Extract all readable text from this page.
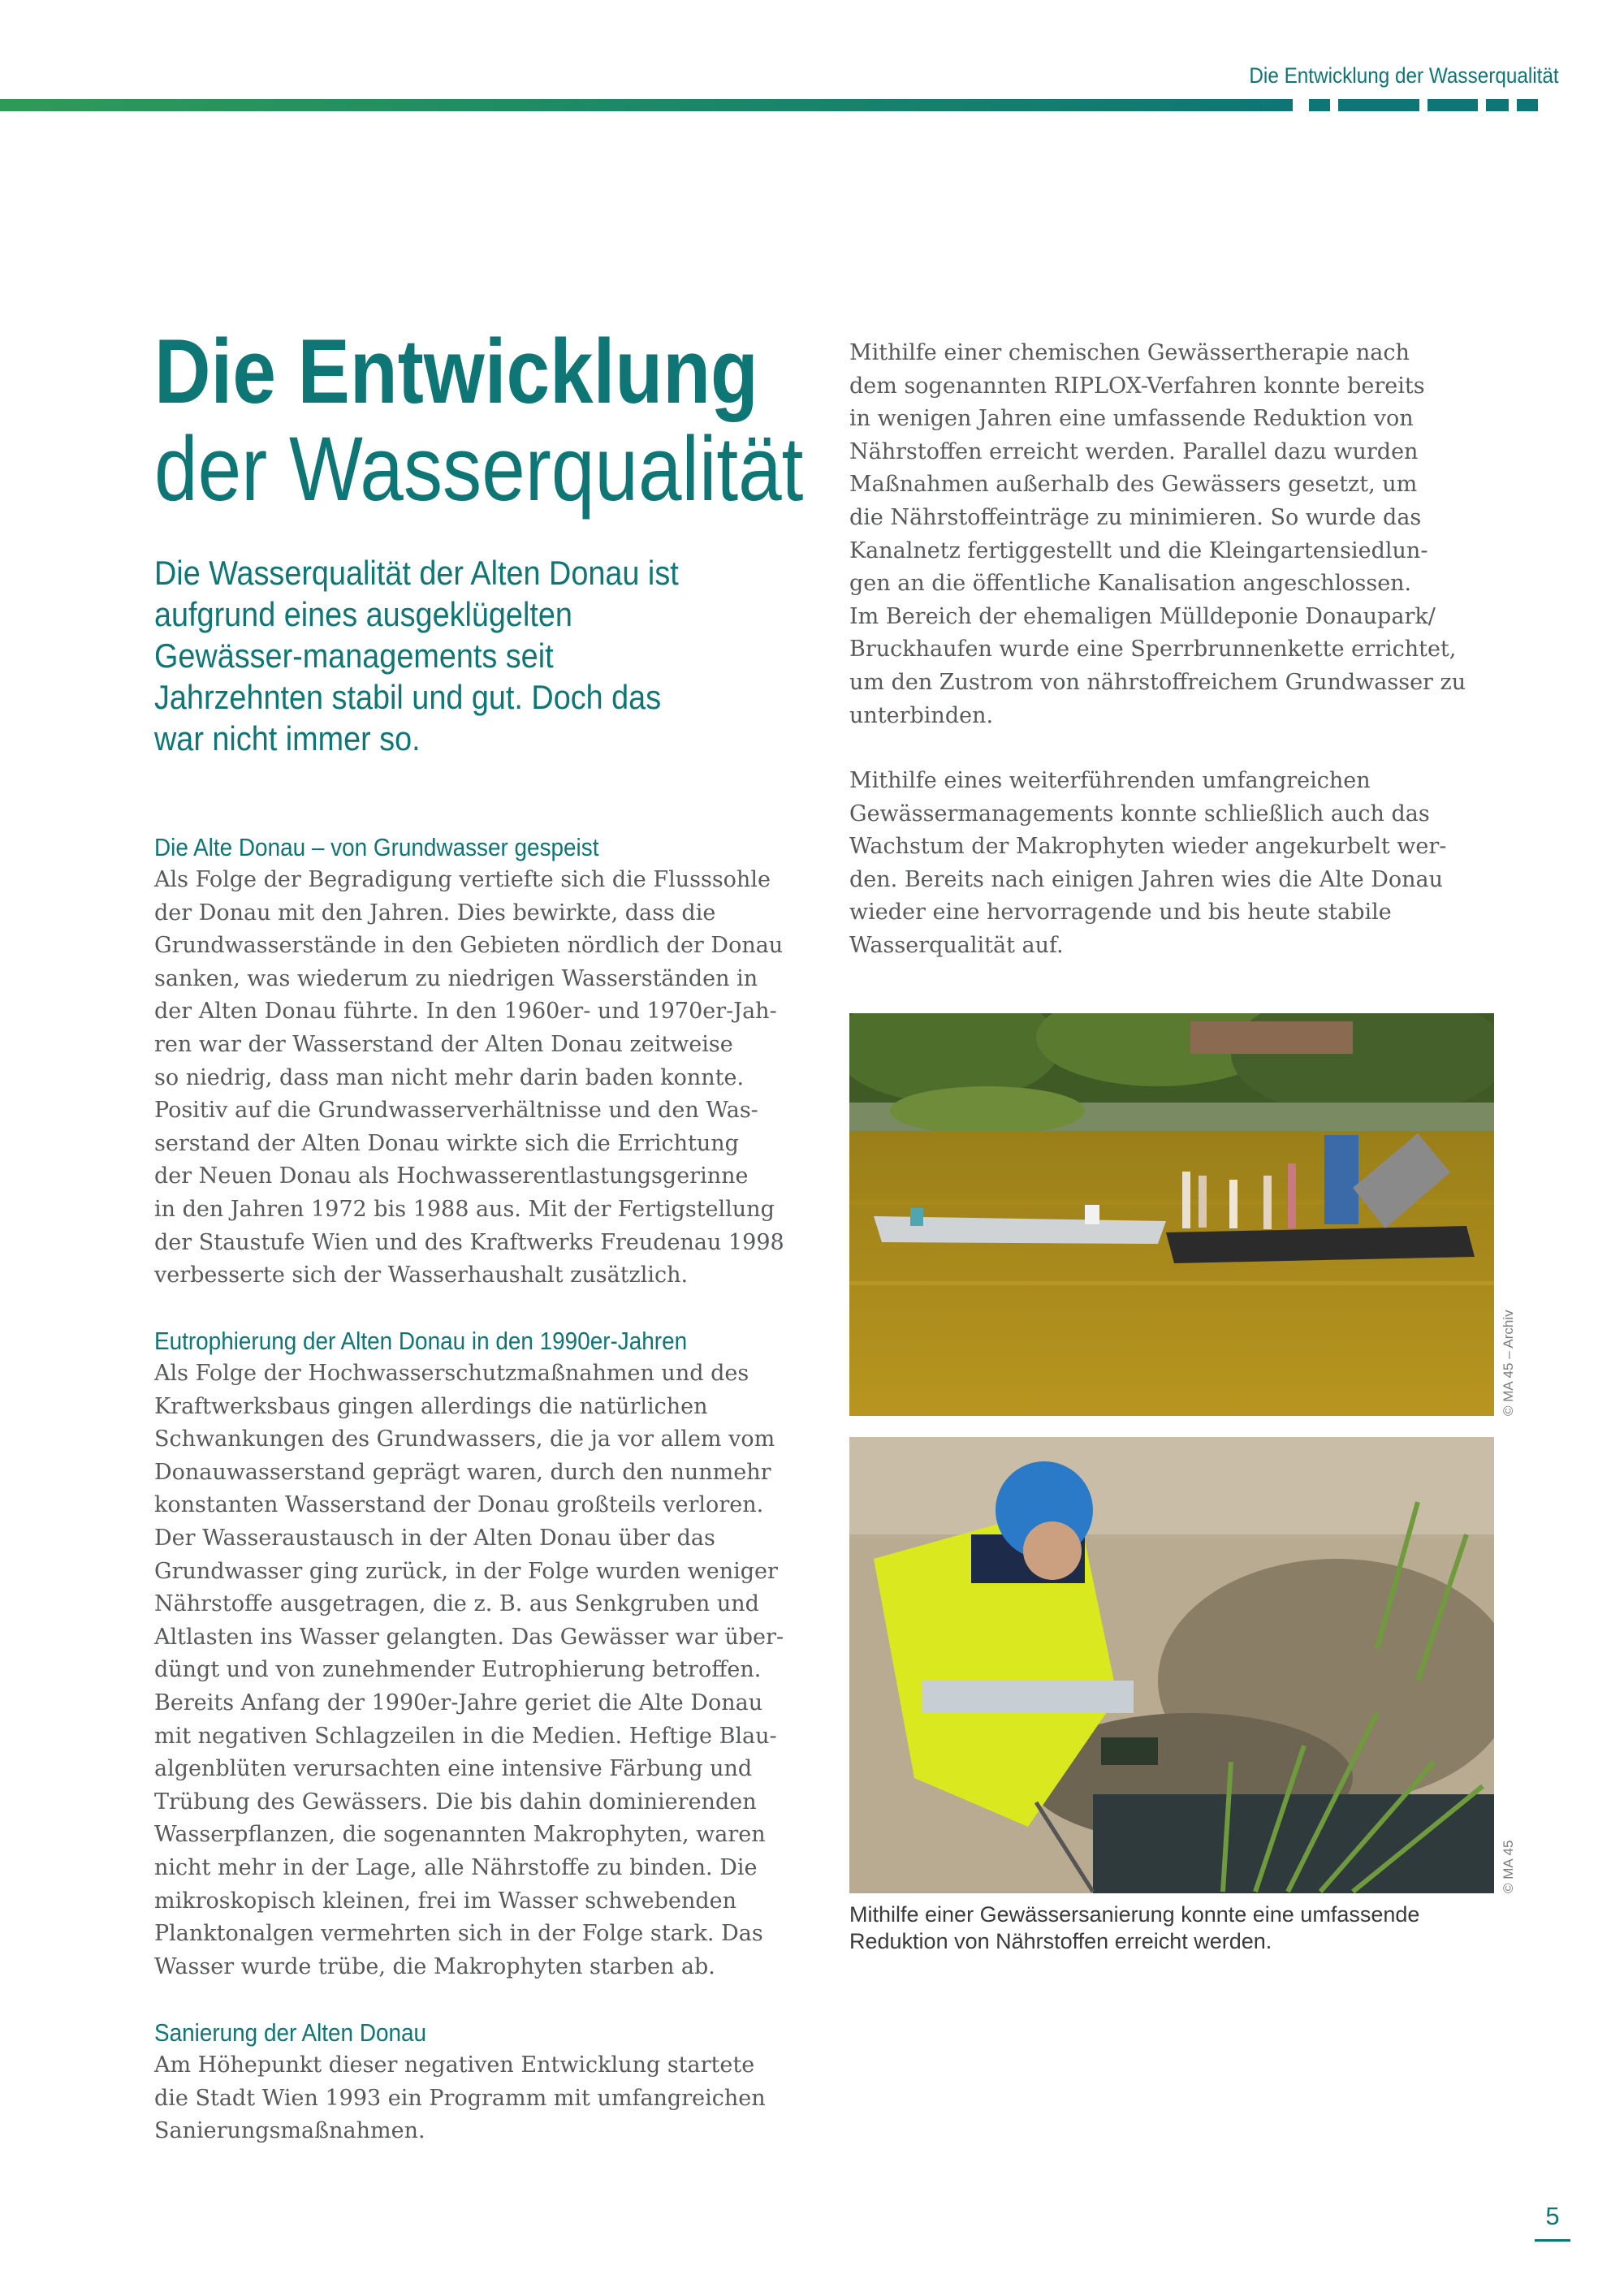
Die Entwicklung der Wasserqualität
Die Entwicklung
der Wasserqualität
Die Wasserqualität der Alten Donau ist aufgrund eines ausgeklügelten Gewässer-managements seit Jahrzehnten stabil und gut. Doch das war nicht immer so.
Die Alte Donau – von Grundwasser gespeist

Als Folge der Begradigung vertiefte sich die Flusssohle

der Donau mit den Jahren. Dies bewirkte, dass die

Grundwasserstände in den Gebieten nördlich der Donau

sanken, was wiederum zu niedrigen Wasserständen in

der Alten Donau führte. In den 1960er- und 1970er-Jah-

ren war der Wasserstand der Alten Donau zeitweise

so niedrig, dass man nicht mehr darin baden konnte.

Positiv auf die Grundwasserverhältnisse und den Was-

serstand der Alten Donau wirkte sich die Errichtung

der Neuen Donau als Hochwasserentlastungsgerinne

in den Jahren 1972 bis 1988 aus. Mit der Fertigstellung

der Staustufe Wien und des Kraftwerks Freudenau 1998

verbesserte sich der Wasserhaushalt zusätzlich.

Eutrophierung der Alten Donau in den 1990er-Jahren

Als Folge der Hochwasserschutzmaßnahmen und des

Kraftwerksbaus gingen allerdings die natürlichen

Schwankungen des Grundwassers, die ja vor allem vom

Donauwasserstand geprägt waren, durch den nunmehr

konstanten Wasserstand der Donau großteils verloren.

Der Wasseraustausch in der Alten Donau über das

Grundwasser ging zurück, in der Folge wurden weniger

Nährstoffe ausgetragen, die z. B. aus Senkgruben und

Altlasten ins Wasser gelangten. Das Gewässer war über-

düngt und von zunehmender Eutrophierung betroffen.

Bereits Anfang der 1990er-Jahre geriet die Alte Donau

mit negativen Schlagzeilen in die Medien. Heftige Blau-

algenblüten verursachten eine intensive Färbung und

Trübung des Gewässers. Die bis dahin dominierenden

Wasserpflanzen, die sogenannten Makrophyten, waren

nicht mehr in der Lage, alle Nährstoffe zu binden. Die

mikroskopisch kleinen, frei im Wasser schwebenden

Planktonalgen vermehrten sich in der Folge stark. Das

Wasser wurde trübe, die Makrophyten starben ab.

Sanierung der Alten Donau

Am Höhepunkt dieser negativen Entwicklung startete

die Stadt Wien 1993 ein Programm mit umfangreichen

Sanierungsmaßnahmen.

Mithilfe einer chemischen Gewässertherapie nach

dem sogenannten RIPLOX-Verfahren konnte bereits

in wenigen Jahren eine umfassende Reduktion von

Nährstoffen erreicht werden. Parallel dazu wurden

Maßnahmen außerhalb des Gewässers gesetzt, um

die Nährstoffeinträge zu minimieren. So wurde das

Kanalnetz fertiggestellt und die Kleingartensiedlun-

gen an die öffentliche Kanalisation angeschlossen.

Im Bereich der ehemaligen Mülldeponie Donaupark/

Bruckhaufen wurde eine Sperrbrunnenkette errichtet,

um den Zustrom von nährstoffreichem Grundwasser zu

unterbinden.

Mithilfe eines weiterführenden umfangreichen

Gewässermanagements konnte schließlich auch das

Wachstum der Makrophyten wieder angekurbelt wer-

den. Bereits nach einigen Jahren wies die Alte Donau

wieder eine hervorragende und bis heute stabile

Wasserqualität auf.

© MA 45 – Archiv
© MA 45
Mithilfe einer Gewässersanierung konnte eine umfassende Reduktion von Nährstoffen erreicht werden.
5
